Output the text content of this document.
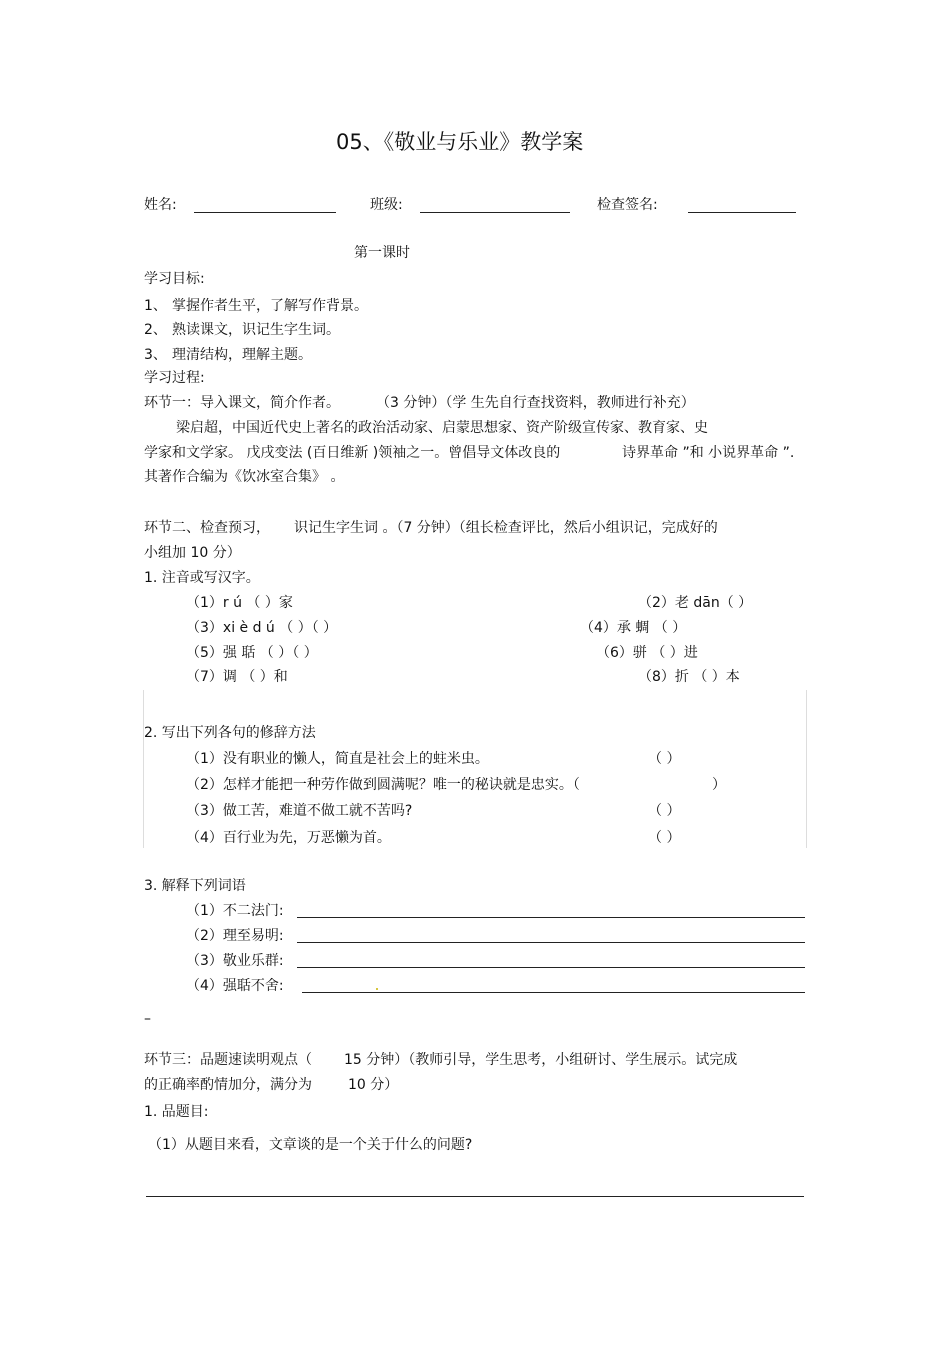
05、《敬业与乐业》教学案
姓名:	班级:	检查签名:
第一课时
学习目标:
1、 掌握作者生平，了解写作背景。
2、 熟读课文，识记生字生词。
3、 理清结构，理解主题。
学习过程:
环节一：导入课文，简介作者。	（3 分钟）（学 生先自行查找资料，教师进行补充）
梁启超，中国近代史上著名的政治活动家、启蒙思想家、资产阶级宣传家、教育家、史
学家和文学家。 戊戌变法 (百日维新 )领袖之一。曾倡导文体改良的	诗界革命 ”和 小说界革命 ”.
其著作合编为《饮冰室合集》 。
环节二、检查预习， 识记生字生词 。（7 分钟）（组长检查评比，然后小组识记，完成好的
小组加 10 分）
1. 注音或写汉字。
（1）r ú （ ）家	（2）老 dān（ ）
（3）xi è d ú （ ）（ ）	（4）承 蜩 （ ）
（5）强 聒 （ ）（ ）	（6）骈 （ ）进
（7）调 （ ）和	（8）折 （ ）本
2. 写出下列各句的修辞方法
（1）没有职业的懒人，简直是社会上的蛀米虫。	（ ）
（2）怎样才能把一种劳作做到圆满呢？唯一的秘诀就是忠实。（	）
（3）做工苦，难道不做工就不苦吗?	（ ）
（4）百行业为先，万恶懒为首。	（ ）
3. 解释下列词语
（1）不二法门:
（2）理至易明:
（3）敬业乐群:
（4）强聒不舍:
–
环节三：品题速读明观点（ 15 分钟）（教师引导，学生思考，小组研讨、学生展示。试完成
的正确率酌情加分，满分为	10 分）
1. 品题目:
（1）从题目来看，文章谈的是一个关于什么的问题?
